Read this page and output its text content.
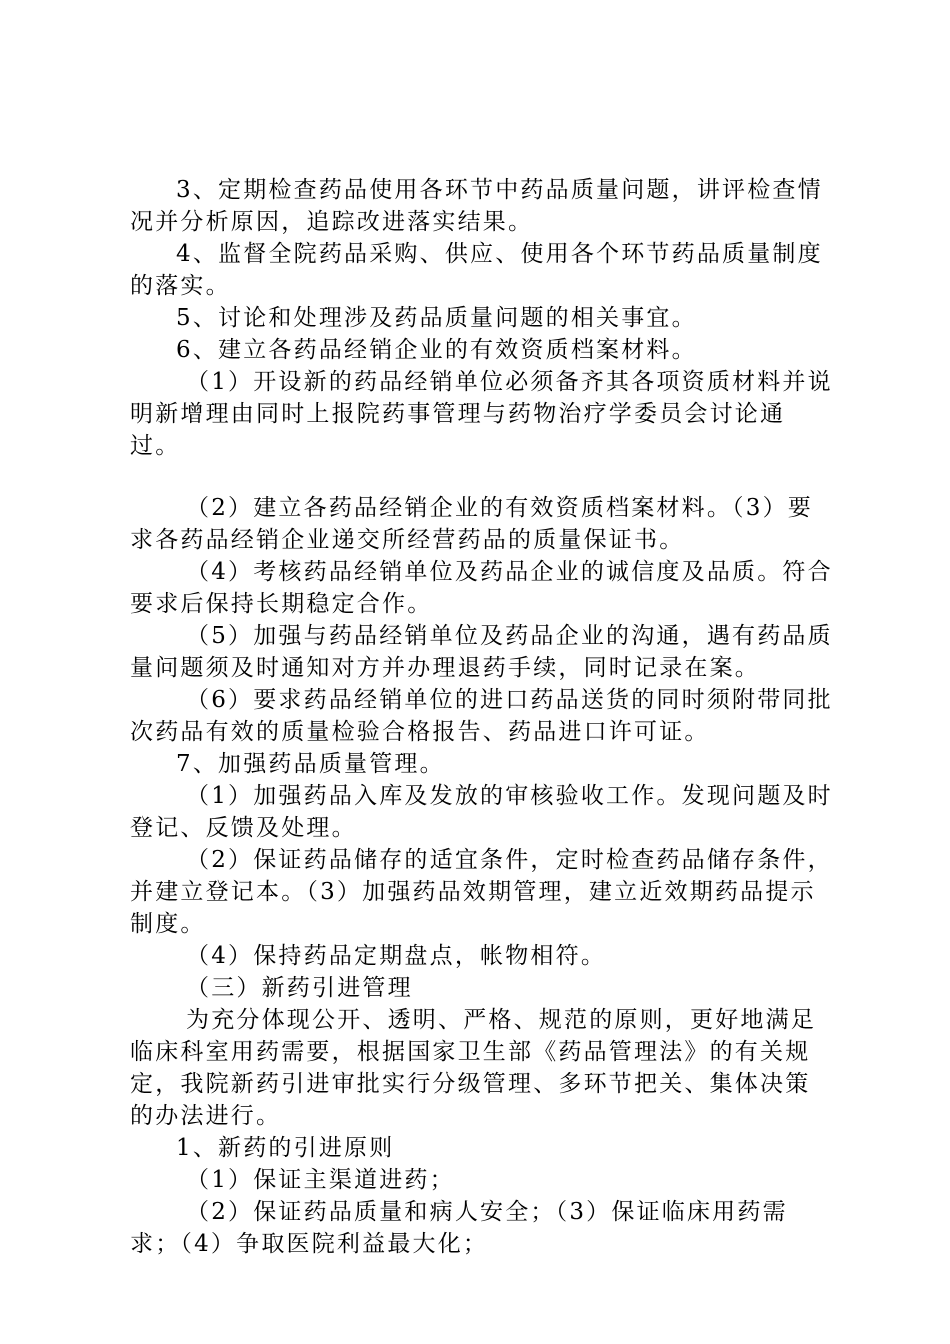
3、定期检查药品使用各环节中药品质量问题，讲评检查情况并分析原因，追踪改进落实结果。

4、监督全院药品采购、供应、使用各个环节药品质量制度的落实。

5、讨论和处理涉及药品质量问题的相关事宜。

6、建立各药品经销企业的有效资质档案材料。

（1）开设新的药品经销单位必须备齐其各项资质材料并说明新增理由同时上报院药事管理与药物治疗学委员会讨论通过。

（2）建立各药品经销企业的有效资质档案材料。（3）要求各药品经销企业递交所经营药品的质量保证书。

（4）考核药品经销单位及药品企业的诚信度及品质。符合要求后保持长期稳定合作。

（5）加强与药品经销单位及药品企业的沟通，遇有药品质量问题须及时通知对方并办理退药手续，同时记录在案。

（6）要求药品经销单位的进口药品送货的同时须附带同批次药品有效的质量检验合格报告、药品进口许可证。

7、加强药品质量管理。

（1）加强药品入库及发放的审核验收工作。发现问题及时登记、反馈及处理。

（2）保证药品储存的适宜条件，定时检查药品储存条件，并建立登记本。（3）加强药品效期管理，建立近效期药品提示制度。

（4）保持药品定期盘点，帐物相符。

（三）新药引进管理

为充分体现公开、透明、严格、规范的原则，更好地满足临床科室用药需要，根据国家卫生部《药品管理法》的有关规定，我院新药引进审批实行分级管理、多环节把关、集体决策的办法进行。

1、新药的引进原则

（1）保证主渠道进药；

（2）保证药品质量和病人安全；（3）保证临床用药需求；（4）争取医院利益最大化；
